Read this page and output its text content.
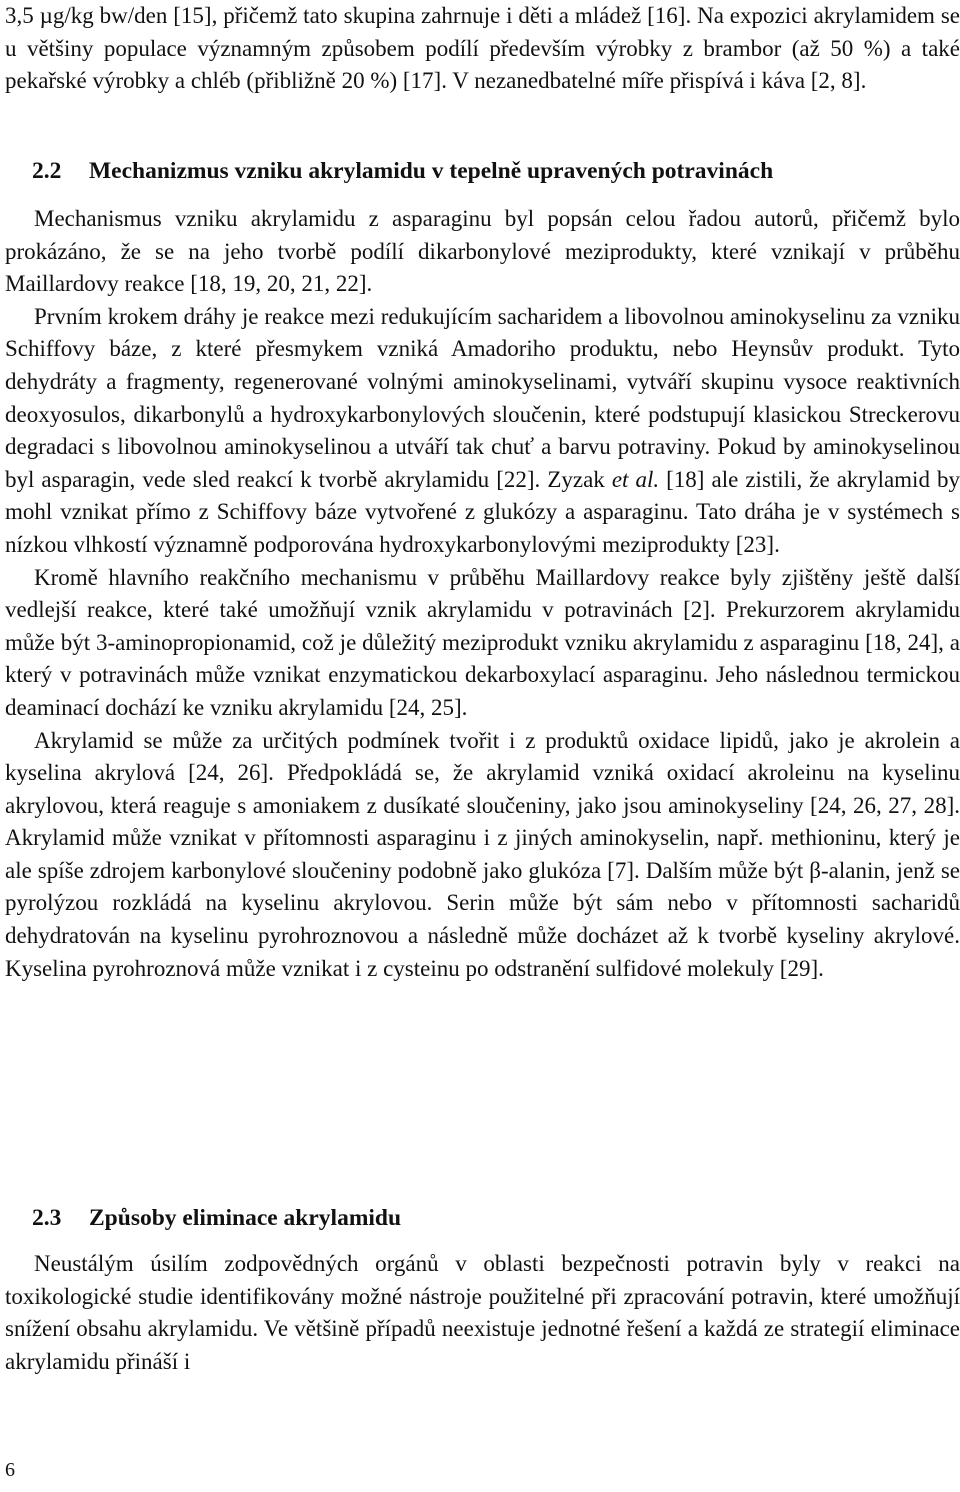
3,5 µg/kg bw/den [15], přičemž tato skupina zahrnuje i děti a mládež [16]. Na expozici akrylamidem se u většiny populace významným způsobem podílí především výrobky z brambor (až 50 %) a také pekařské výrobky a chléb (přibližně 20 %) [17]. V nezanedbatelné míře přispívá i káva [2, 8].

2.2 Mechanizmus vzniku akrylamidu v tepelně upravených potravinách

Mechanismus vzniku akrylamidu z asparaginu byl popsán celou řadou autorů, přičemž bylo prokázáno, že se na jeho tvorbě podílí dikarbonylové meziprodukty, které vznikají v průběhu Maillardovy reakce [18, 19, 20, 21, 22].

Prvním krokem dráhy je reakce mezi redukujícím sacharidem a libovolnou aminokyselinu za vzniku Schiffovy báze, z které přesmykem vzniká Amadoriho produktu, nebo Heynsův produkt. Tyto dehydráty a fragmenty, regenerované volnými aminokyselinami, vytváří skupinu vysoce reaktivních deoxyosulos, dikarbonylů a hydroxykarbonylových sloučenin, které podstupují klasickou Streckerovu degradaci s libovolnou aminokyselinou a utváří tak chuť a barvu potraviny. Pokud by aminokyselinou byl asparagin, vede sled reakcí k tvorbě akrylamidu [22]. Zyzak et al. [18] ale zistili, že akrylamid by mohl vznikat přímo z Schiffovy báze vytvořené z glukózy a asparaginu. Tato dráha je v systémech s nízkou vlhkostí významně podporována hydroxykarbonylovými meziprodukty [23].

Kromě hlavního reakčního mechanismu v průběhu Maillardovy reakce byly zjištěny ještě další vedlejší reakce, které také umožňují vznik akrylamidu v potravinách [2]. Prekurzorem akrylamidu může být 3-aminopropionamid, což je důležitý meziprodukt vzniku akrylamidu z asparaginu [18, 24], a který v potravinách může vznikat enzymatickou dekarboxylací asparaginu. Jeho následnou termickou deaminací dochází ke vzniku akrylamidu [24, 25].

Akrylamid se může za určitých podmínek tvořit i z produktů oxidace lipidů, jako je akrolein a kyselina akrylová [24, 26]. Předpokládá se, že akrylamid vzniká oxidací akroleinu na kyselinu akrylovou, která reaguje s amoniakem z dusíkaté sloučeniny, jako jsou aminokyseliny [24, 26, 27, 28]. Akrylamid může vznikat v přítomnosti asparaginu i z jiných aminokyselin, např. methioninu, který je ale spíše zdrojem karbonylové sloučeniny podobně jako glukóza [7]. Dalším může být β-alanin, jenž se pyrolýzou rozkládá na kyselinu akrylovou. Serin může být sám nebo v přítomnosti sacharidů dehydratován na kyselinu pyrohroznovou a následně může docházet až k tvorbě kyseliny akrylové. Kyselina pyrohroznová může vznikat i z cysteinu po odstranění sulfidové molekuly [29].

2.3 Způsoby eliminace akrylamidu

Neustálým úsilím zodpovědných orgánů v oblasti bezpečnosti potravin byly v reakci na toxikologické studie identifikovány možné nástroje použitelné při zpracování potravin, které umožňují snížení obsahu akrylamidu. Ve většině případů neexistuje jednotné řešení a každá ze strategií eliminace akrylamidu přináší i

6
